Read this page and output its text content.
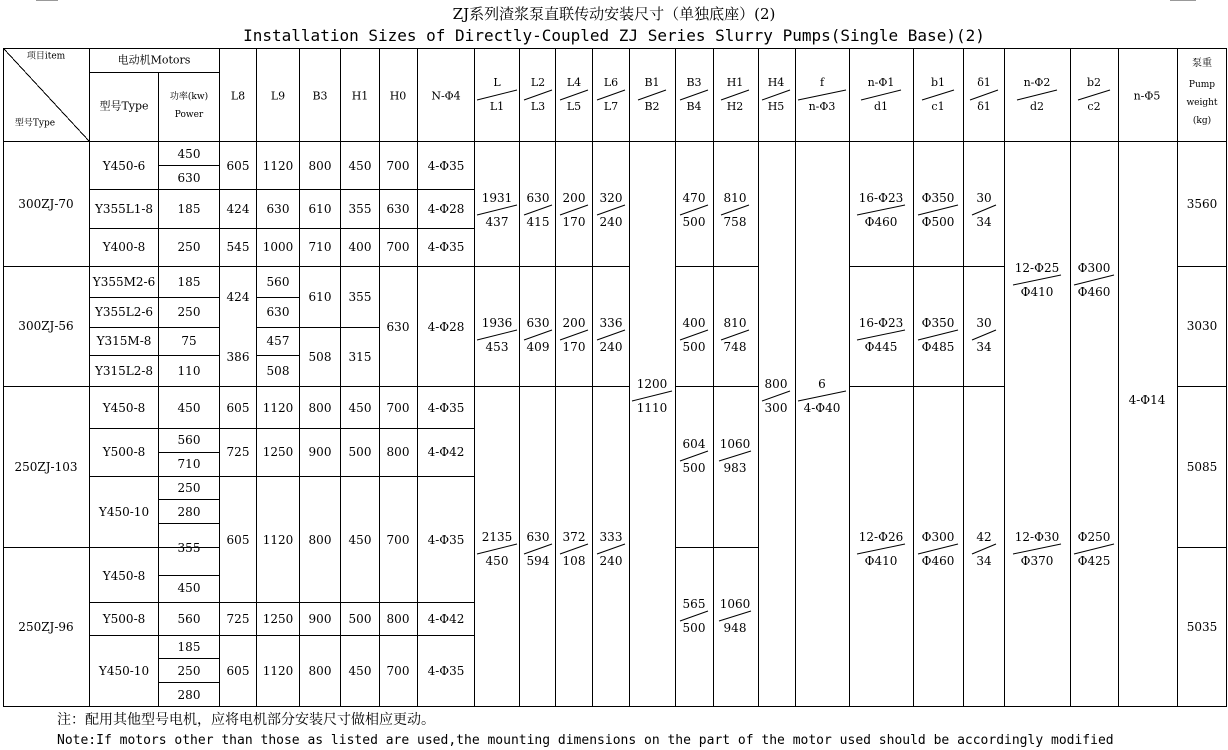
ZJ系列渣浆泵直联传动安装尺寸（单独底座）(2)
Installation Sizes of Directly-Coupled ZJ Series Slurry Pumps(Single Base)(2)
项目item
型号Type
电动机Motors
型号Type
功率(kw)
Power
L8 L9 B3 H1 H0 N-Φ4
L
L1
L2
L3
L4
L5
L6
L7
B1
B2
B3
B4
H1
H2
H4
H5
f
n-Φ3
n-Φ1
d1
b1
c1
δ1
δ1
n-Φ2
d2
b2
c2
n-Φ5
泵重
Pump
weight
(kg)
300ZJ-70
300ZJ-56
250ZJ-103
250ZJ-96
3560
3030
5085
5035
Y450-6
Y355L1-8
Y400-8
Y355M2-6
Y355L2-6
Y315M-8
Y315L2-8
Y450-8
Y500-8
Y450-10
Y450-8
Y500-8
Y450-10
450
630
185
250
185
250
75
110
450
560
710
250
280
355
450
560
185
250
280
605
424
545
424
386
605
725
605
725
605
1120
630
1000
560
630
457
508
1120
1250
1120
1250
1120
800
610
710
610
508
800
900
800
900
800
450
355
400
355
315
450
500
450
500
450
700
630
700
630
700
800
700
800
700
4-Φ35
4-Φ28
4-Φ35
4-Φ28
4-Φ35
4-Φ42
4-Φ35
4-Φ42
4-Φ35
1931
437
630
415
200
170
320
240
470
500
810
758
16-Φ23
Φ460
Φ350
Φ500
30
34
1936
453
630
409
200
170
336
240
400
500
810
748
16-Φ23
Φ445
Φ350
Φ485
30
34
12-Φ25
Φ410
Φ300
Φ460
2135
450
630
594
372
108
333
240
12-Φ26
Φ410
Φ300
Φ460
42
34
12-Φ30
Φ370
Φ250
Φ425
604
500
1060
983
565
500
1060
948
1200
1110
800
300
6
4-Φ40
4-Φ14
注：配用其他型号电机，应将电机部分安装尺寸做相应更动。
Note:If motors other than those as listed are used,the mounting dimensions on the part of the motor used should be accordingly modified
